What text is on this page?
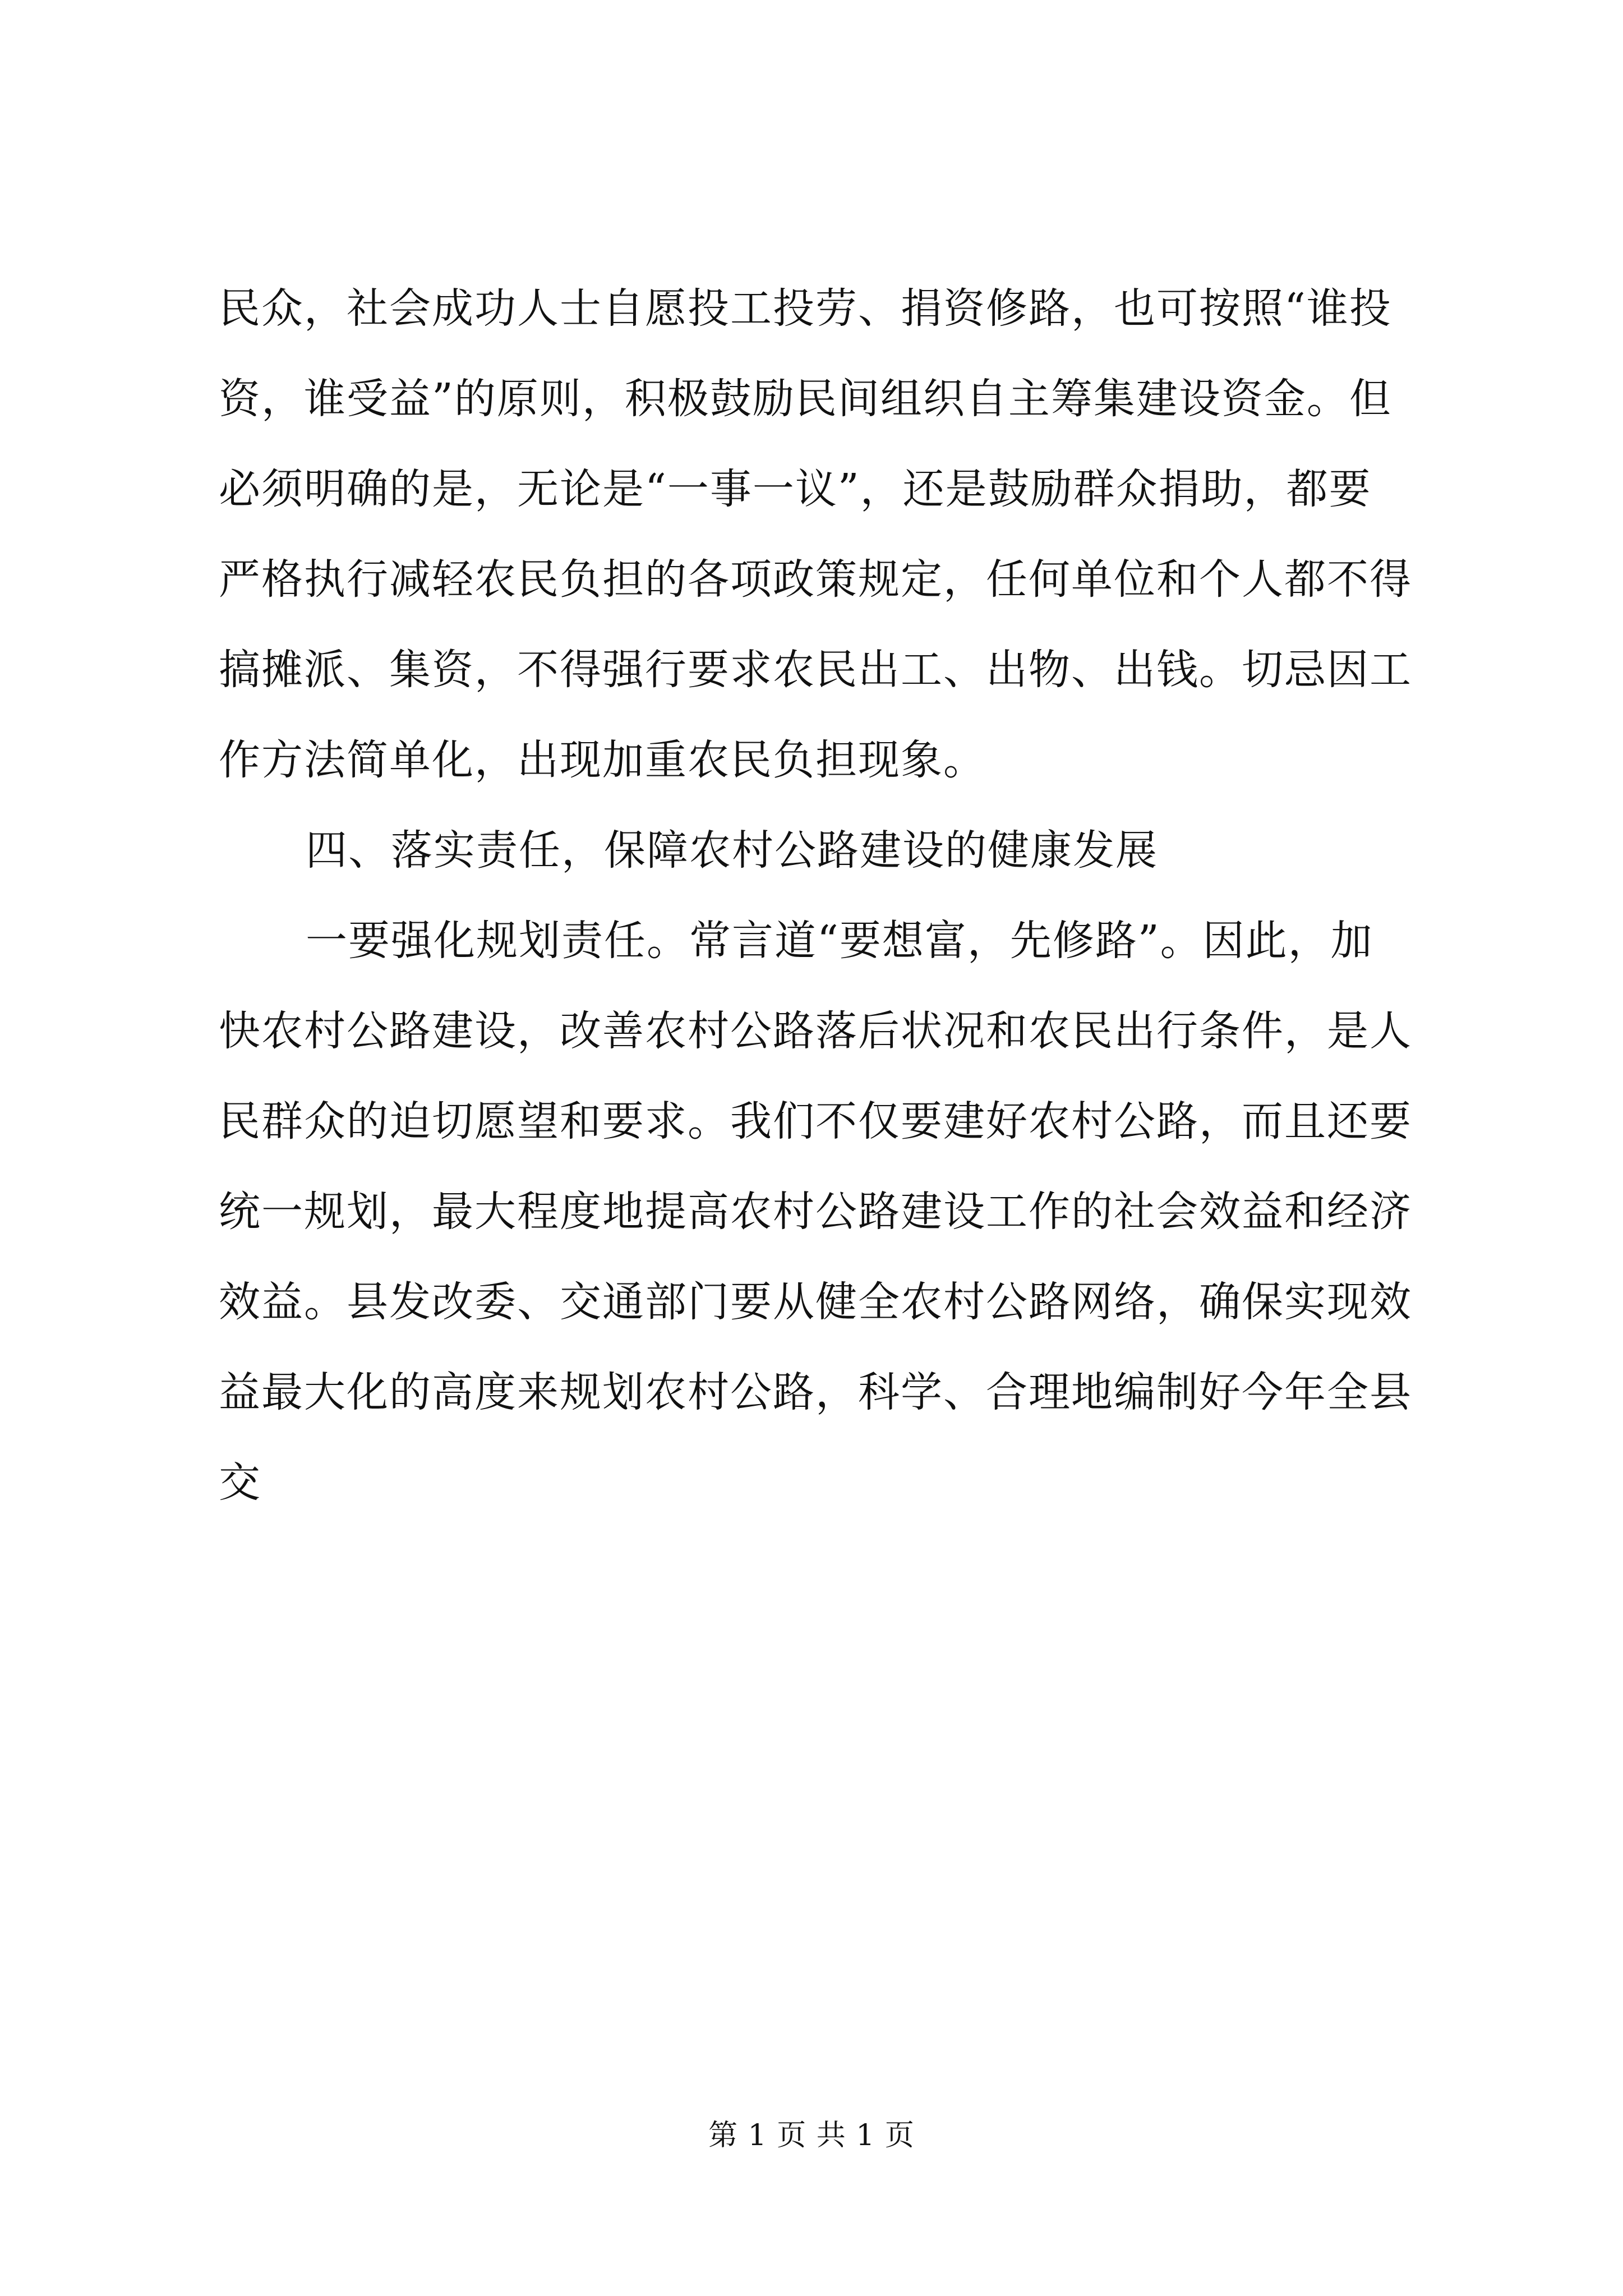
民众，社会成功人士自愿投工投劳、捐资修路，也可按照“谁投
资，谁受益”的原则，积极鼓励民间组织自主筹集建设资金。但
必须明确的是，无论是“一事一议”，还是鼓励群众捐助，都要
严格执行减轻农民负担的各项政策规定，任何单位和个人都不得
搞摊派、集资，不得强行要求农民出工、出物、出钱。切忌因工
作方法简单化，出现加重农民负担现象。
四、落实责任，保障农村公路建设的健康发展
一要强化规划责任。常言道“要想富，先修路”。因此，加
快农村公路建设，改善农村公路落后状况和农民出行条件，是人
民群众的迫切愿望和要求。我们不仅要建好农村公路，而且还要
统一规划，最大程度地提高农村公路建设工作的社会效益和经济
效益。县发改委、交通部门要从健全农村公路网络，确保实现效
益最大化的高度来规划农村公路，科学、合理地编制好今年全县
交
第 1 页 共 1 页
